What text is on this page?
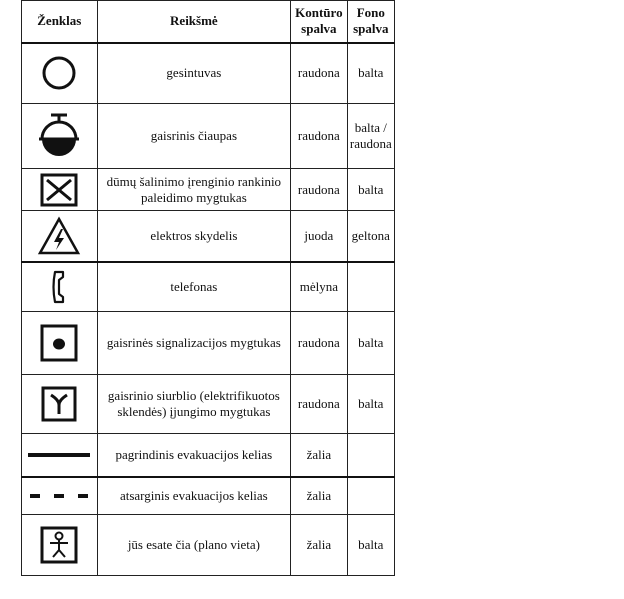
Ženklas	Reikšmė	Kontūro spalva	Fono spalva

	gesintuvas	raudona	balta

	gaisrinis čiaupas	raudona	balta / raudona

	dūmų šalinimo įrenginio rankinio paleidimo mygtukas	raudona	balta

	elektros skydelis	juoda	geltona

	telefonas	mėlyna	

	gaisrinės signalizacijos mygtukas	raudona	balta

	gaisrinio siurblio (elektrifikuotos sklendės) įjungimo mygtukas	raudona	balta

	pagrindinis evakuacijos kelias	žalia	

	atsarginis evakuacijos kelias	žalia	

	jūs esate čia (plano vieta)	žalia	balta
